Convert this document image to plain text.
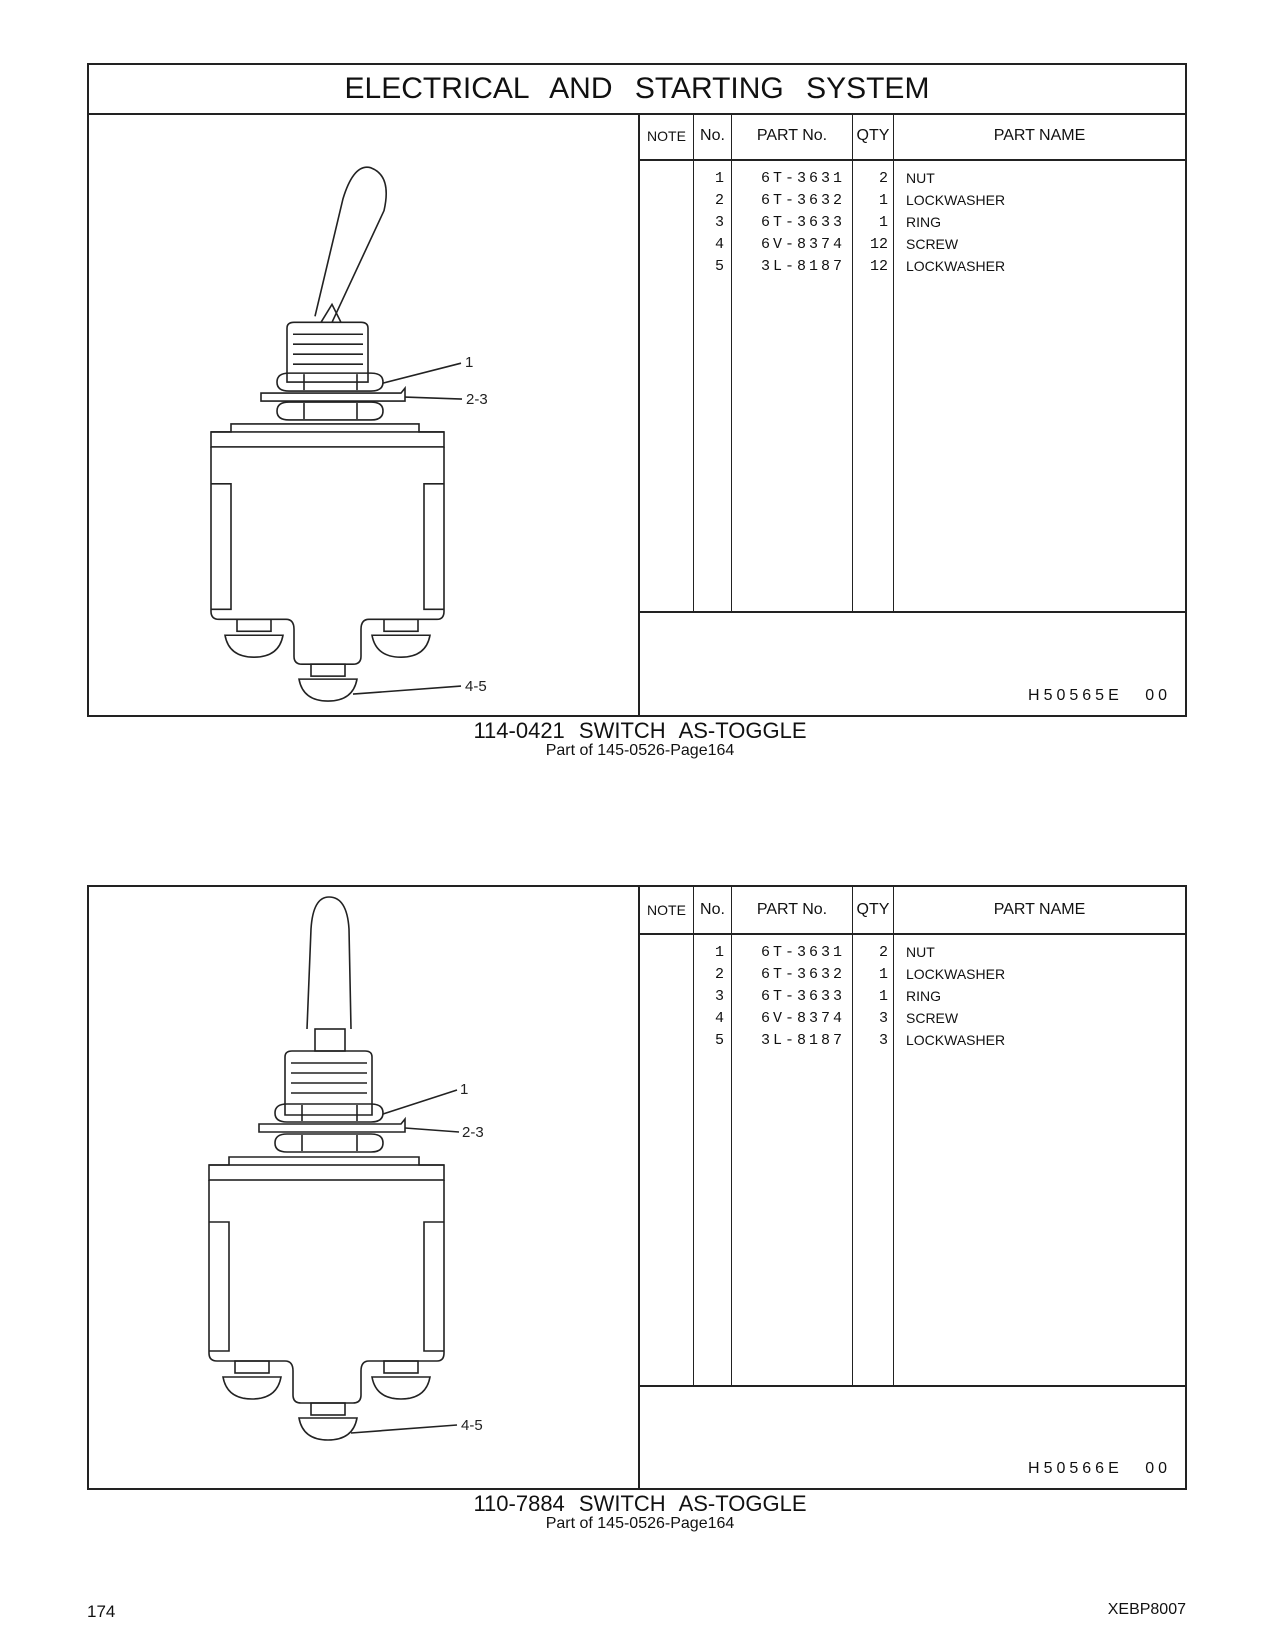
ELECTRICAL AND STARTING SYSTEM
1
2-3
4-5
NOTE No.	PART No.	QTY	PART NAME
1	6T-3631	2 NUT
2	6T-3632	1 LOCKWASHER
3	6T-3633	1 RING
4	6V-8374	12 SCREW
5	3L-8187	12 LOCKWASHER
H50565E 00
114-0421 SWITCH AS-TOGGLE
Part of 145-0526-Page164
1
2-3
4-5
NOTE No.	PART No.	QTY	PART NAME
1	6T-3631	2 NUT
2	6T-3632	1 LOCKWASHER
3	6T-3633	1 RING
4	6V-8374	3 SCREW
5	3L-8187	3 LOCKWASHER
H50566E 00
110-7884 SWITCH AS-TOGGLE
Part of 145-0526-Page164
174	XEBP8007
